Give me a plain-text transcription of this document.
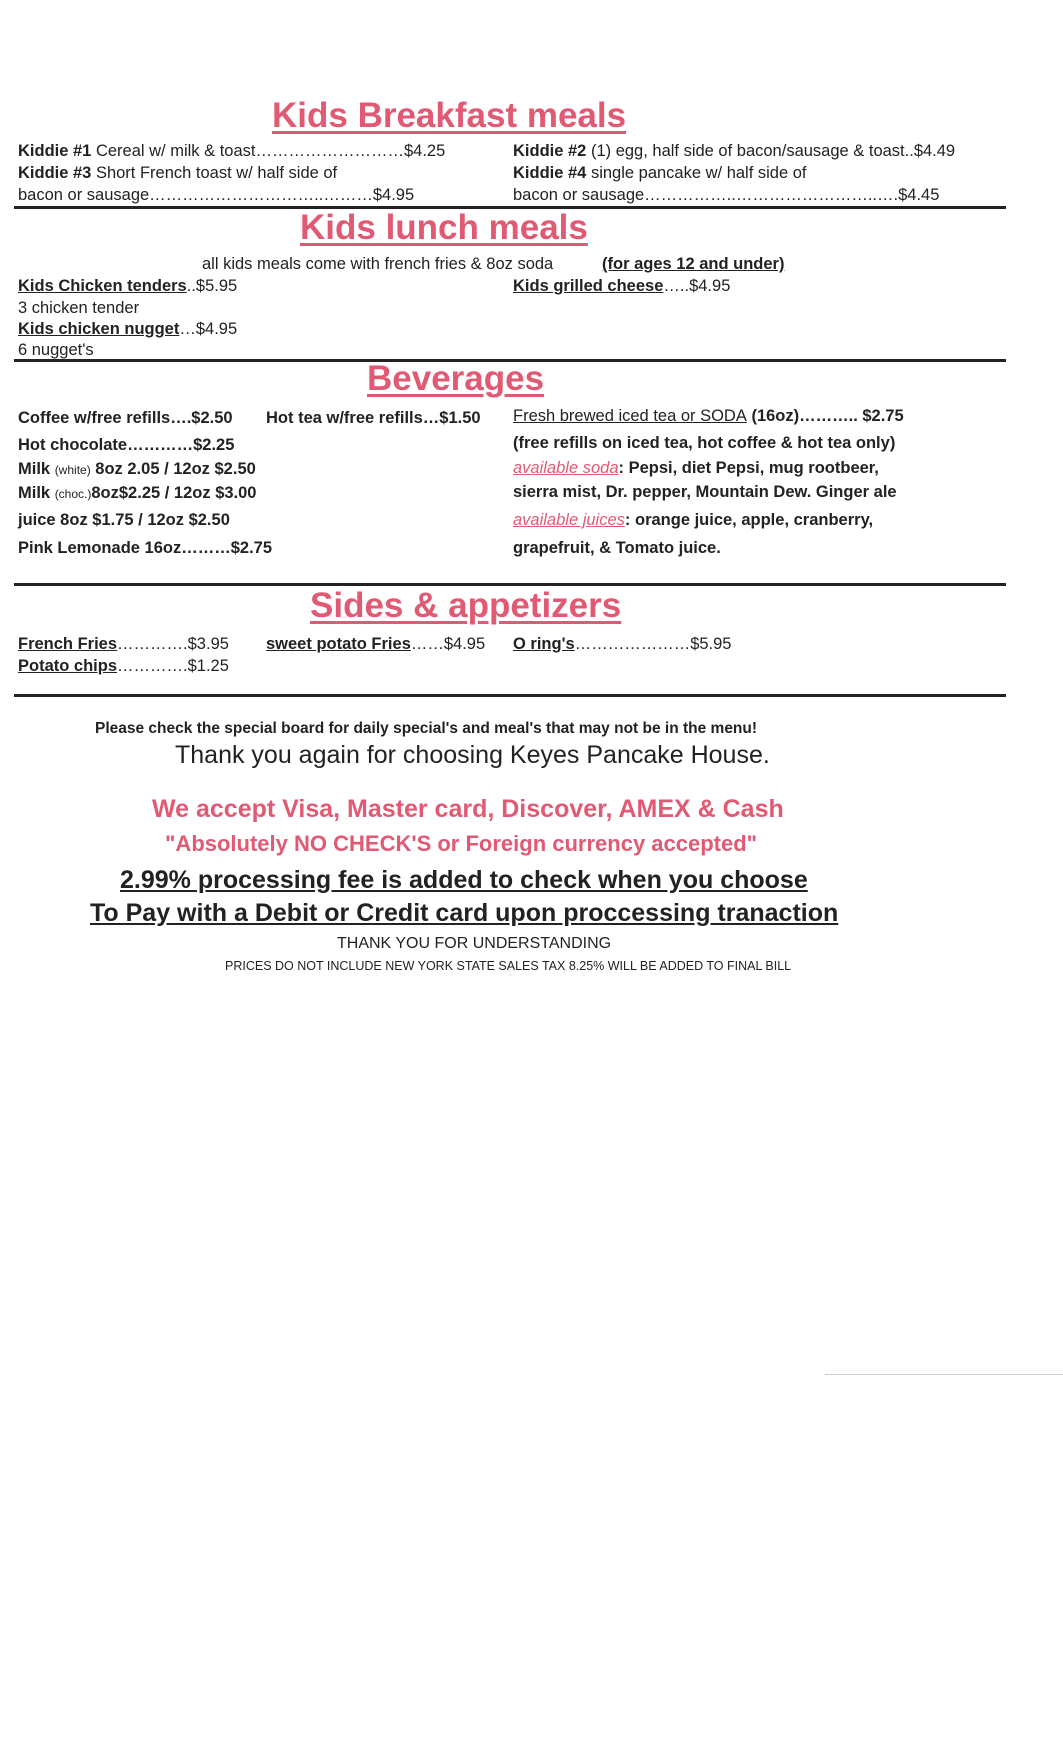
Kids Breakfast meals
Kiddie #1 Cereal w/ milk & toast………………………$4.25
Kiddie #3 Short French toast w/ half side of
bacon or sausage…………………………..………$4.95
Kiddie #2 (1) egg, half side of bacon/sausage & toast..$4.49
Kiddie #4 single pancake w/ half side of
bacon or sausage……………..……………………..….$4.45
Kids lunch meals
all kids meals come with french fries & 8oz soda	(for ages 12 and under)
Kids Chicken tenders..$5.95
3 chicken tender
Kids chicken nugget…$4.95
6 nugget's
Kids grilled cheese…..$4.95
Beverages
Coffee w/free refills….$2.50 Hot tea w/free refills…$1.50
Hot chocolate…………$2.25
Milk (white) 8oz 2.05 / 12oz $2.50
Milk (choc.)8oz$2.25 / 12oz $3.00
juice 8oz $1.75 / 12oz $2.50
Pink Lemonade 16oz………$2.75
Fresh brewed iced tea or SODA (16oz)……….. $2.75
(free refills on iced tea, hot coffee & hot tea only)
available soda: Pepsi, diet Pepsi, mug rootbeer,
sierra mist, Dr. pepper, Mountain Dew. Ginger ale
available juices: orange juice, apple, cranberry,
grapefruit, & Tomato juice.
Sides & appetizers
French Fries………….$3.95 sweet potato Fries……$4.95 O ring's…………………$5.95
Potato chips………….$1.25
Please check the special board for daily special's and meal's that may not be in the menu!
Thank you again for choosing Keyes Pancake House.
We accept Visa, Master card, Discover, AMEX & Cash
"Absolutely NO CHECK'S or Foreign currency accepted"
2.99% processing fee is added to check when you choose
To Pay with a Debit or Credit card upon proccessing tranaction
THANK YOU FOR UNDERSTANDING
PRICES DO NOT INCLUDE NEW YORK STATE SALES TAX 8.25% WILL BE ADDED TO FINAL BILL
